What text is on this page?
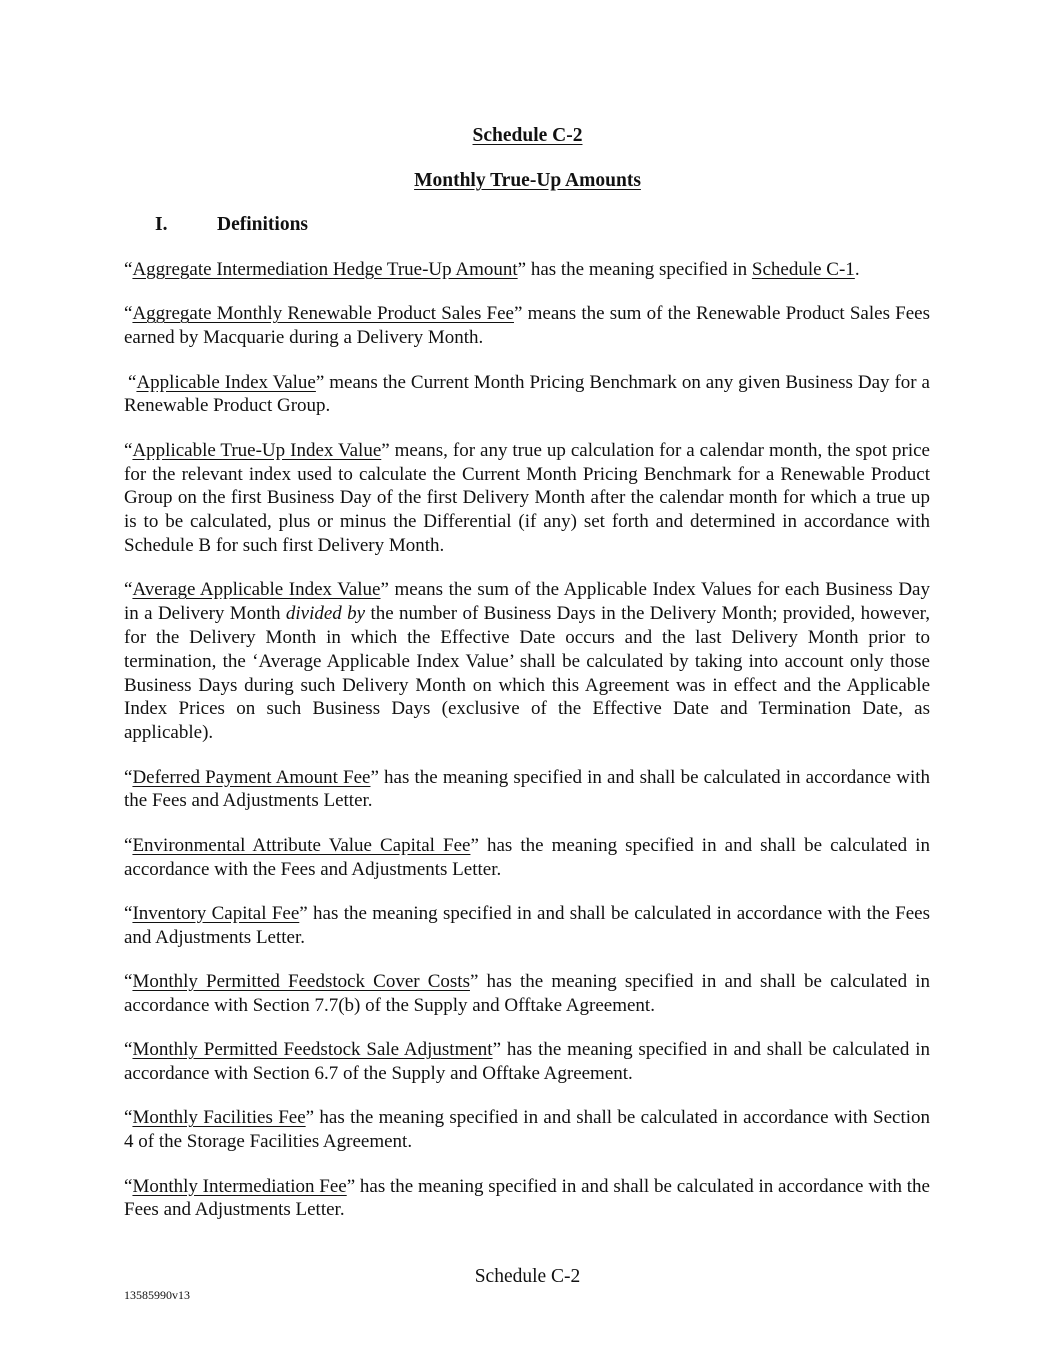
Schedule C-2
Monthly True-Up Amounts
I.	Definitions

“Aggregate Intermediation Hedge True-Up Amount” has the meaning specified in Schedule C-1.

“Aggregate Monthly Renewable Product Sales Fee” means the sum of the Renewable Product Sales Fees earned by Macquarie during a Delivery Month.

“Applicable Index Value” means the Current Month Pricing Benchmark on any given Business Day for a Renewable Product Group.

“Applicable True-Up Index Value” means, for any true up calculation for a calendar month, the spot price for the relevant index used to calculate the Current Month Pricing Benchmark for a Renewable Product Group on the first Business Day of the first Delivery Month after the calendar month for which a true up is to be calculated, plus or minus the Differential (if any) set forth and determined in accordance with Schedule B for such first Delivery Month.

“Average Applicable Index Value” means the sum of the Applicable Index Values for each Business Day in a Delivery Month divided by the number of Business Days in the Delivery Month; provided, however, for the Delivery Month in which the Effective Date occurs and the last Delivery Month prior to termination, the ‘Average Applicable Index Value’ shall be calculated by taking into account only those Business Days during such Delivery Month on which this Agreement was in effect and the Applicable Index Prices on such Business Days (exclusive of the Effective Date and Termination Date, as applicable).

“Deferred Payment Amount Fee” has the meaning specified in and shall be calculated in accordance with the Fees and Adjustments Letter.

“Environmental Attribute Value Capital Fee” has the meaning specified in and shall be calculated in accordance with the Fees and Adjustments Letter.

“Inventory Capital Fee” has the meaning specified in and shall be calculated in accordance with the Fees and Adjustments Letter.

“Monthly Permitted Feedstock Cover Costs” has the meaning specified in and shall be calculated in accordance with Section 7.7(b) of the Supply and Offtake Agreement.

“Monthly Permitted Feedstock Sale Adjustment” has the meaning specified in and shall be calculated in accordance with Section 6.7 of the Supply and Offtake Agreement.

“Monthly Facilities Fee” has the meaning specified in and shall be calculated in accordance with Section 4 of the Storage Facilities Agreement.

“Monthly Intermediation Fee” has the meaning specified in and shall be calculated in accordance with the Fees and Adjustments Letter.

Schedule C-2
13585990v13
